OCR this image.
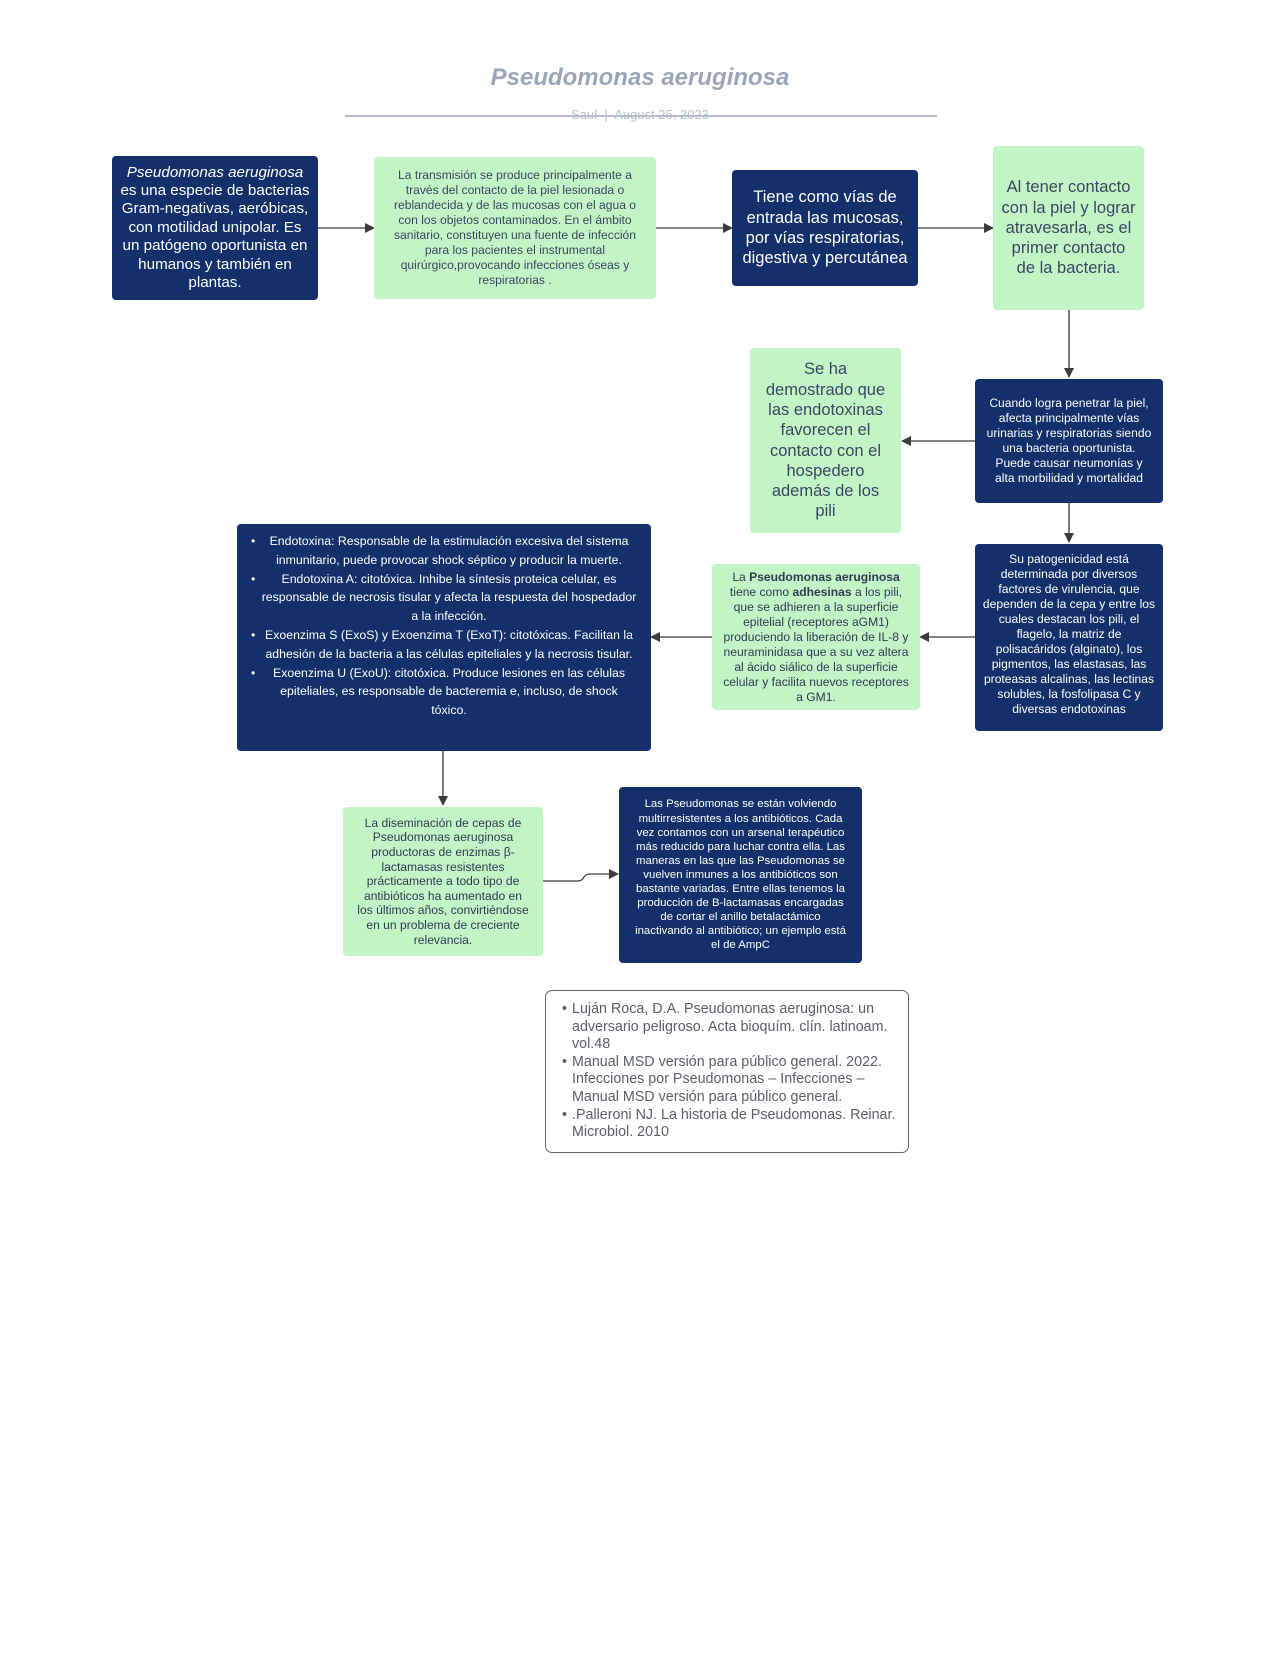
Pseudomonas aeruginosa
Saul  |  August 25, 2023

Pseudomonas aeruginosa es una especie de bacterias Gram-negativas, aeróbicas, con motilidad unipolar. Es un patógeno oportunista en humanos y también en plantas.

La transmisión se produce principalmente a través del contacto de la piel lesionada o reblandecida y de las mucosas con el agua o con los objetos contaminados. En el ámbito sanitario, constituyen una fuente de infección para los pacientes el instrumental quirúrgico,provocando infecciones óseas y respiratorias .

Tiene como vías de entrada las mucosas, por vías respiratorias, digestiva y percutánea

Al tener contacto con la piel y lograr atravesarla, es el primer contacto de la bacteria.

Se ha demostrado que las endotoxinas favorecen el contacto con el hospedero además de los pili

Cuando logra penetrar la piel, afecta principalmente vías urinarias y respiratorias siendo una bacteria oportunista. Puede causar neumonías y alta morbilidad y mortalidad

• Endotoxina: Responsable de la estimulación excesiva del sistema inmunitario, puede provocar shock séptico y producir la muerte.
• Endotoxina A: citotóxica. Inhibe la síntesis proteica celular, es responsable de necrosis tisular y afecta la respuesta del hospedador a la infección.
• Exoenzima S (ExoS) y Exoenzima T (ExoT): citotóxicas. Facilitan la adhesión de la bacteria a las células epiteliales y la necrosis tisular.
• Exoenzima U (ExoU): citotóxica. Produce lesiones en las células epiteliales, es responsable de bacteremia e, incluso, de shock tóxico.

La Pseudomonas aeruginosa tiene como adhesinas a los pili, que se adhieren a la superficie epitelial (receptores aGM1) produciendo la liberación de IL-8 y neuraminidasa que a su vez altera al ácido siálico de la superficie celular y facilita nuevos receptores a GM1.

Su patogenicidad está determinada por diversos factores de virulencia, que dependen de la cepa y entre los cuales destacan los pili, el flagelo, la matriz de polisacáridos (alginato), los pigmentos, las elastasas, las proteasas alcalinas, las lectinas solubles, la fosfolipasa C y diversas endotoxinas

La diseminación de cepas de Pseudomonas aeruginosa productoras de enzimas β-lactamasas resistentes prácticamente a todo tipo de antibióticos ha aumentado en los últimos años, convirtiéndose en un problema de creciente relevancia.

Las Pseudomonas se están volviendo multirresistentes a los antibióticos. Cada vez contamos con un arsenal terapéutico más reducido para luchar contra ella. Las maneras en las que las Pseudomonas se vuelven inmunes a los antibióticos son bastante variadas. Entre ellas tenemos la producción de B-lactamasas encargadas de cortar el anillo betalactámico inactivando al antibiótico; un ejemplo está el de AmpC

• Luján Roca, D.A. Pseudomonas aeruginosa: un adversario peligroso. Acta bioquím. clín. latinoam. vol.48
• Manual MSD versión para público general. 2022. Infecciones por Pseudomonas – Infecciones – Manual MSD versión para público general.
• .Palleroni NJ. La historia de Pseudomonas. Reinar. Microbiol. 2010
